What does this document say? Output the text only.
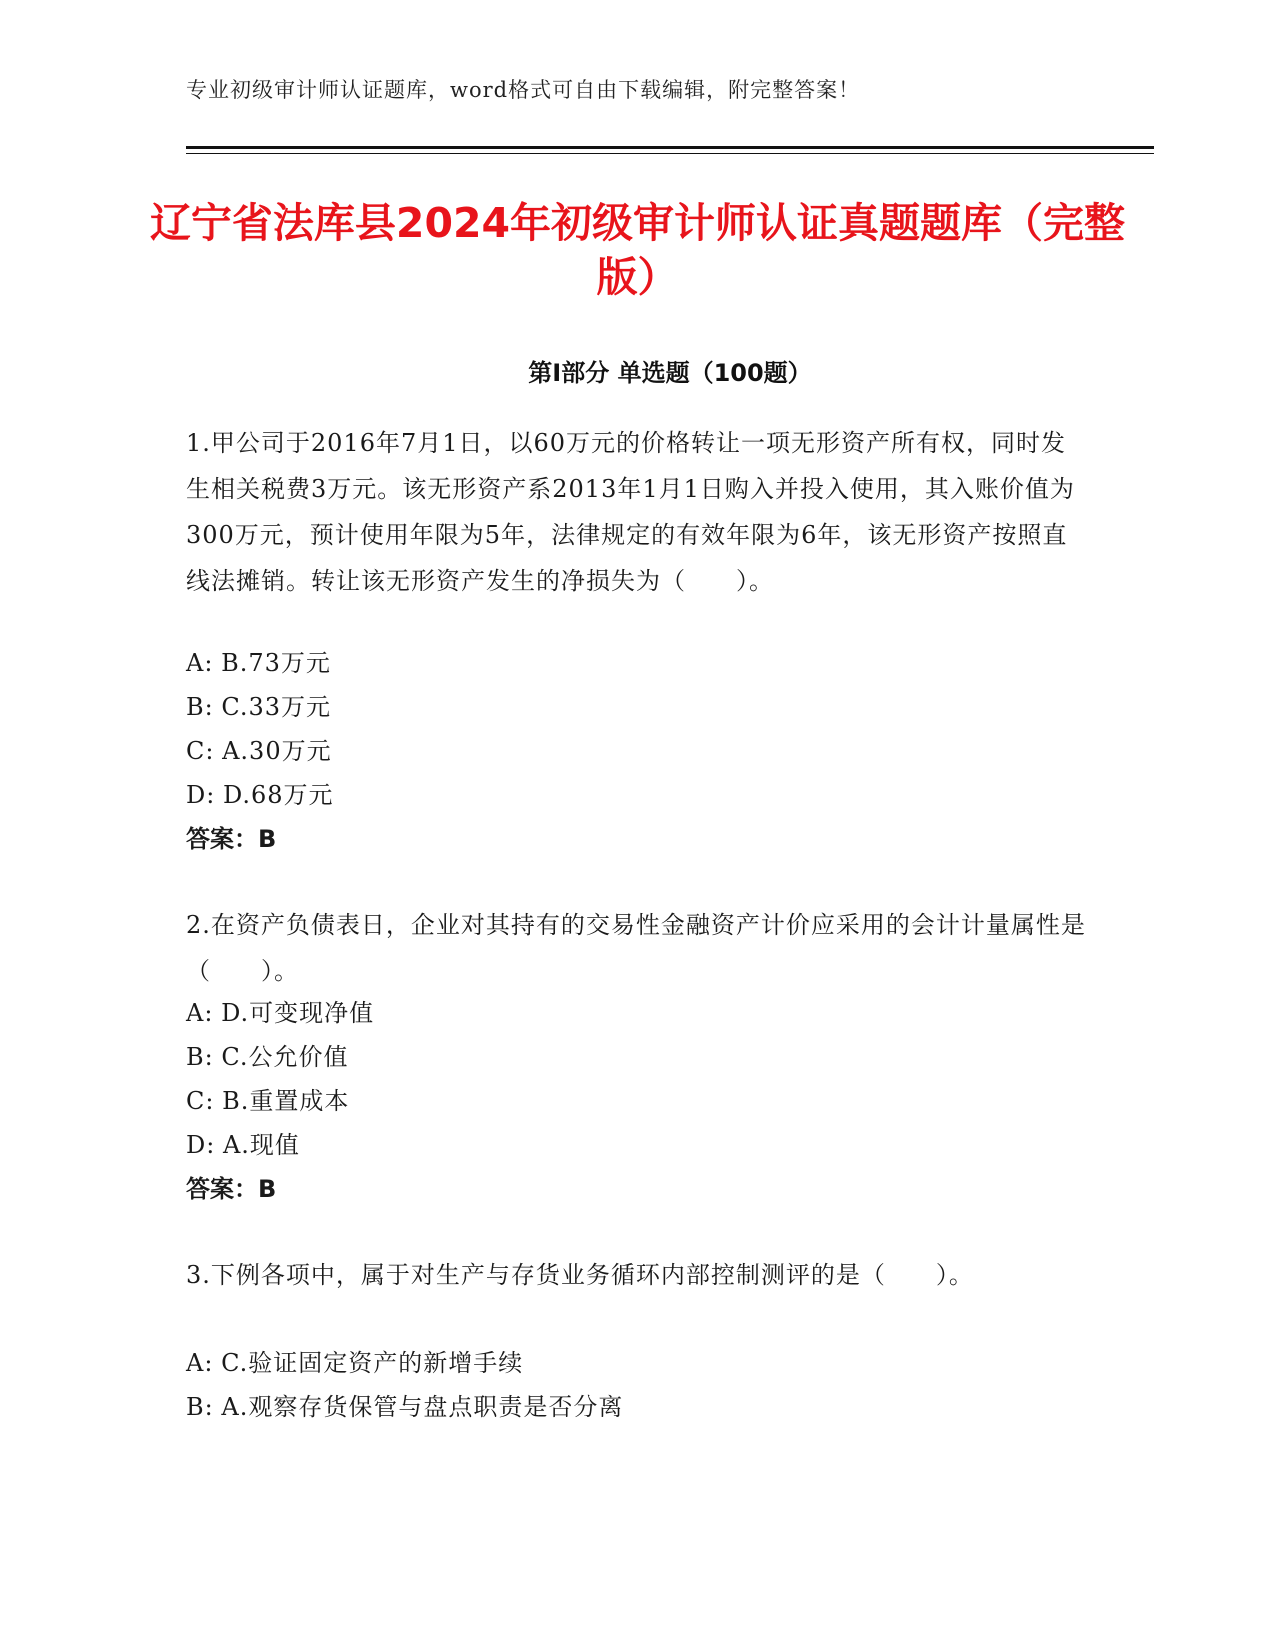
专业初级审计师认证题库，word格式可自由下载编辑，附完整答案！
辽宁省法库县2024年初级审计师认证真题题库（完整版）
第Ⅰ部分 单选题（100题）
1.甲公司于2016年7月1日，以60万元的价格转让一项无形资产所有权，同时发生相关税费3万元。该无形资产系2013年1月1日购入并投入使用，其入账价值为300万元，预计使用年限为5年，法律规定的有效年限为6年，该无形资产按照直线法摊销。转让该无形资产发生的净损失为（　　）。
A: B.73万元
B: C.33万元
C: A.30万元
D: D.68万元
答案：B
2.在资产负债表日，企业对其持有的交易性金融资产计价应采用的会计计量属性是（　　）。
A: D.可变现净值
B: C.公允价值
C: B.重置成本
D: A.现值
答案：B
3.下例各项中，属于对生产与存货业务循环内部控制测评的是（　　）。
A: C.验证固定资产的新增手续
B: A.观察存货保管与盘点职责是否分离
